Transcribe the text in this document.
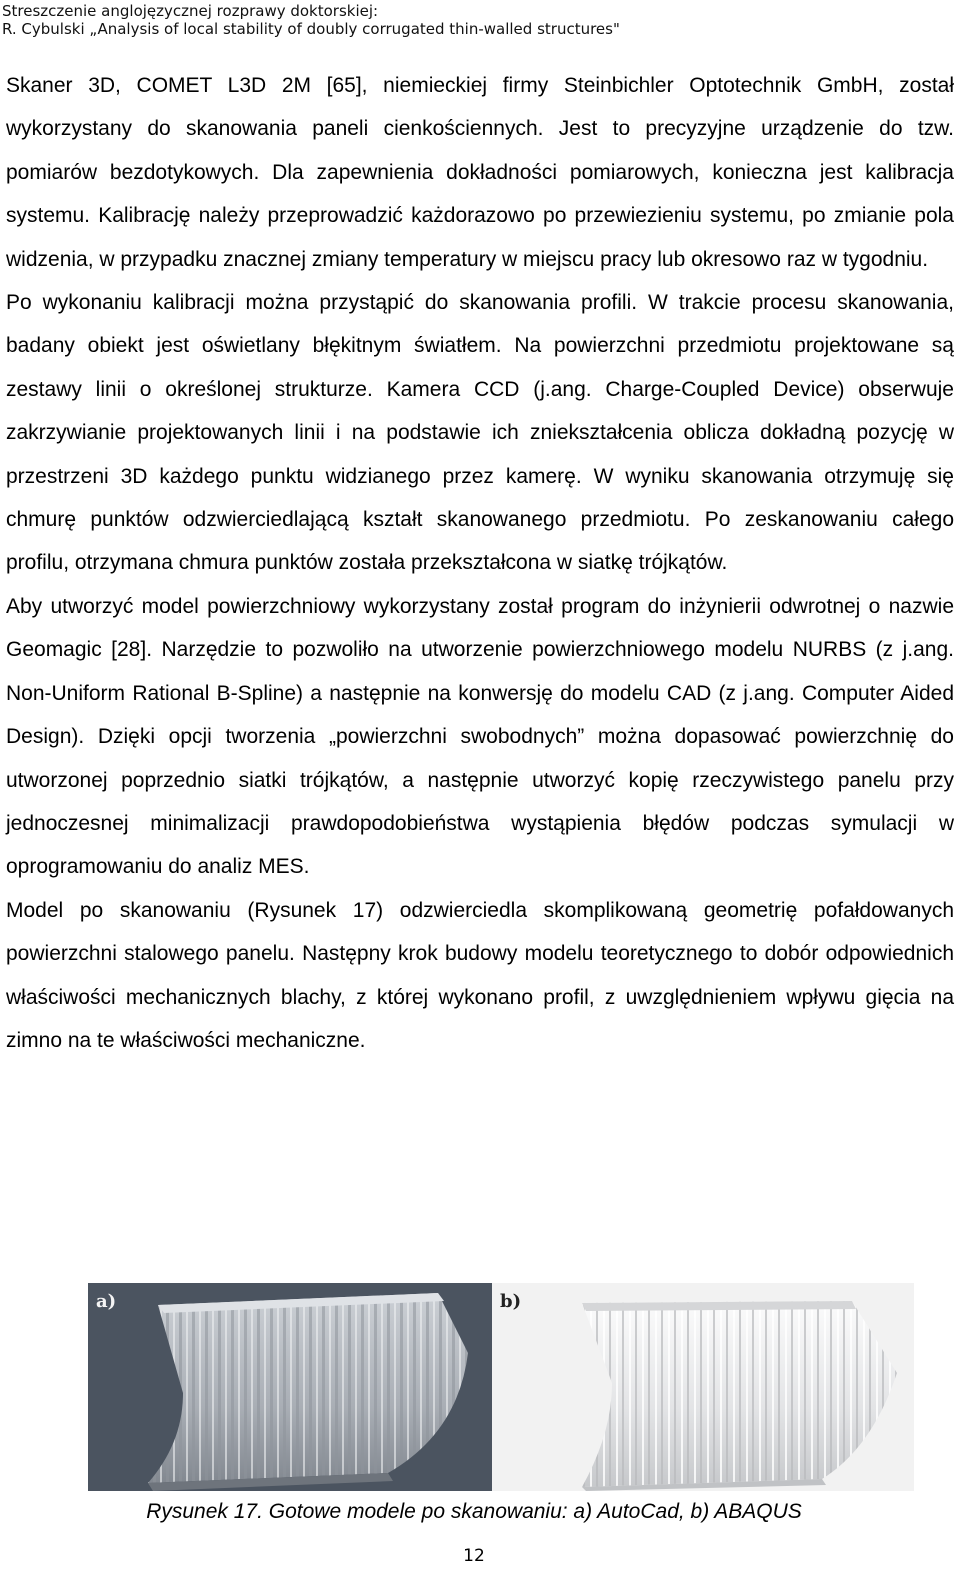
Streszczenie anglojęzycznej rozprawy doktorskiej:
R. Cybulski „Analysis of local stability of doubly corrugated thin-walled structures"

Skaner 3D, COMET L3D 2M [65], niemieckiej firmy Steinbichler Optotechnik GmbH, został wykorzystany do skanowania paneli cienkościennych. Jest to precyzyjne urządzenie do tzw. pomiarów bezdotykowych. Dla zapewnienia dokładności pomiarowych, konieczna jest kalibracja systemu. Kalibrację należy przeprowadzić każdorazowo po przewiezieniu systemu, po zmianie pola widzenia, w przypadku znacznej zmiany temperatury w miejscu pracy lub okresowo raz w tygodniu.

Po wykonaniu kalibracji można przystąpić do skanowania profili. W trakcie procesu skanowania, badany obiekt jest oświetlany błękitnym światłem. Na powierzchni przedmiotu projektowane są zestawy linii o określonej strukturze. Kamera CCD (j.ang. Charge-Coupled Device) obserwuje zakrzywianie projektowanych linii i na podstawie ich zniekształcenia oblicza dokładną pozycję w przestrzeni 3D każdego punktu widzianego przez kamerę. W wyniku skanowania otrzymuję się chmurę punktów odzwierciedlającą kształt skanowanego przedmiotu. Po zeskanowaniu całego profilu, otrzymana chmura punktów została przekształcona w siatkę trójkątów.

Aby utworzyć model powierzchniowy wykorzystany został program do inżynierii odwrotnej o nazwie Geomagic [28]. Narzędzie to pozwoliło na utworzenie powierzchniowego modelu NURBS (z j.ang. Non-Uniform Rational B-Spline) a następnie na konwersję do modelu CAD (z j.ang. Computer Aided Design). Dzięki opcji tworzenia „powierzchni swobodnych” można dopasować powierzchnię do utworzonej poprzednio siatki trójkątów, a następnie utworzyć kopię rzeczywistego panelu przy jednoczesnej minimalizacji prawdopodobieństwa wystąpienia błędów podczas symulacji w oprogramowaniu do analiz MES.

Model po skanowaniu (Rysunek 17) odzwierciedla skomplikowaną geometrię pofałdowanych powierzchni stalowego panelu. Następny krok budowy modelu teoretycznego to dobór odpowiednich właściwości mechanicznych blachy, z której wykonano profil, z uwzględnieniem wpływu gięcia na zimno na te właściwości mechaniczne.

a)	b)
Rysunek 17. Gotowe modele po skanowaniu: a) AutoCad, b) ABAQUS
12
